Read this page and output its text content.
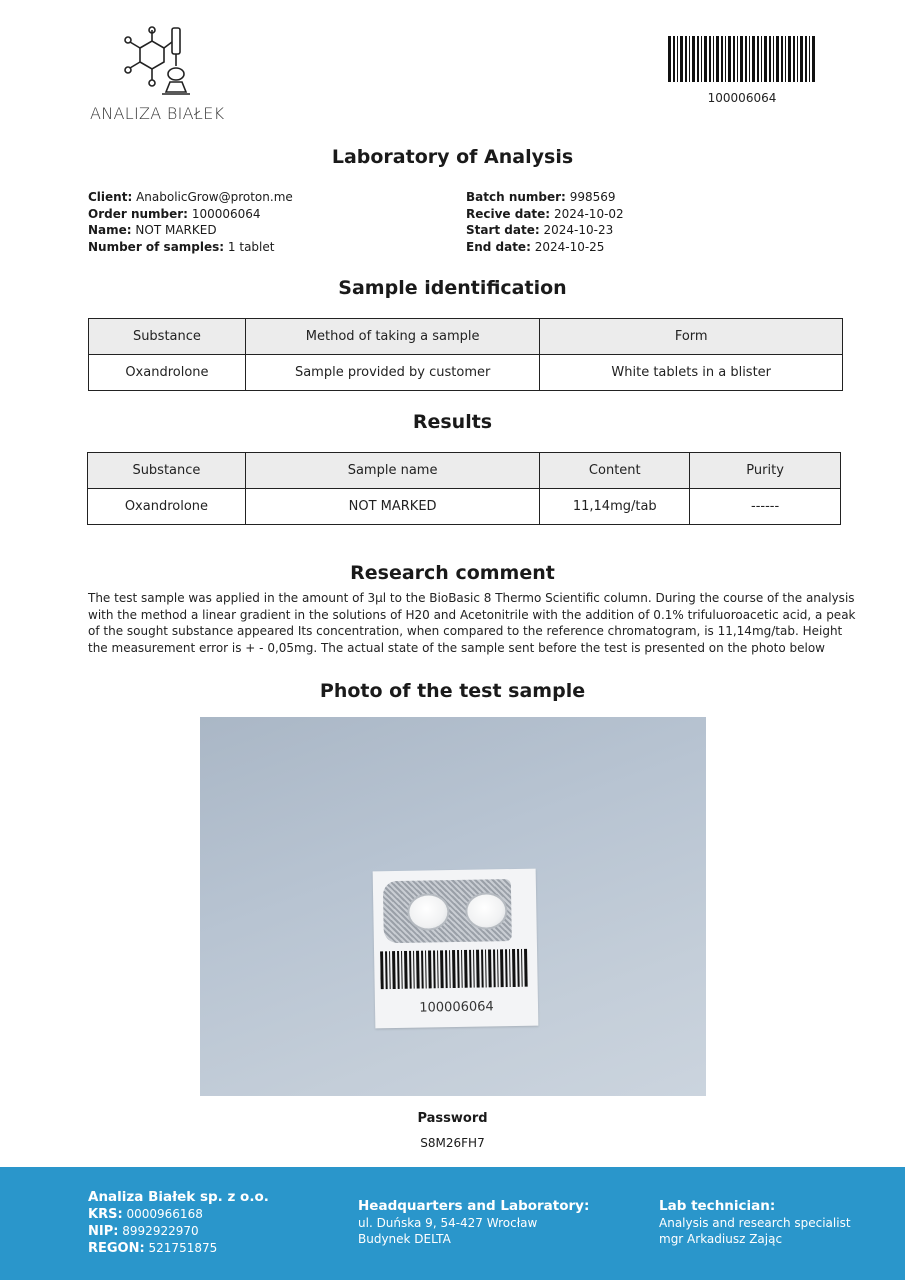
ANALIZA BIAŁEK
100006064
Laboratory of Analysis
Client: AnabolicGrow@proton.me
Order number: 100006064
Name: NOT MARKED
Number of samples: 1 tablet
Batch number: 998569
Recive date: 2024-10-02
Start date: 2024-10-23
End date: 2024-10-25
Sample identification
Substance	Method of taking a sample	Form
Oxandrolone	Sample provided by customer	White tablets in a blister
Results
Substance	Sample name	Content	Purity
Oxandrolone	NOT MARKED	11,14mg/tab	------
Research comment
The test sample was applied in the amount of 3µl to the BioBasic 8 Thermo Scientific column. During the course of the analysis with the method a linear gradient in the solutions of H20 and Acetonitrile with the addition of 0.1% trifuluoroacetic acid, a peak of the sought substance appeared Its concentration, when compared to the reference chromatogram, is 11,14mg/tab. Height the measurement error is + - 0,05mg. The actual state of the sample sent before the test is presented on the photo below
Photo of the test sample
100006064
Password
S8M26FH7
Analiza Białek sp. z o.o.
KRS: 0000966168
NIP: 8992922970
REGON: 521751875
Headquarters and Laboratory:
ul. Duńska 9, 54-427 Wrocław
Budynek DELTA
Lab technician:
Analysis and research specialist
mgr Arkadiusz Zając
